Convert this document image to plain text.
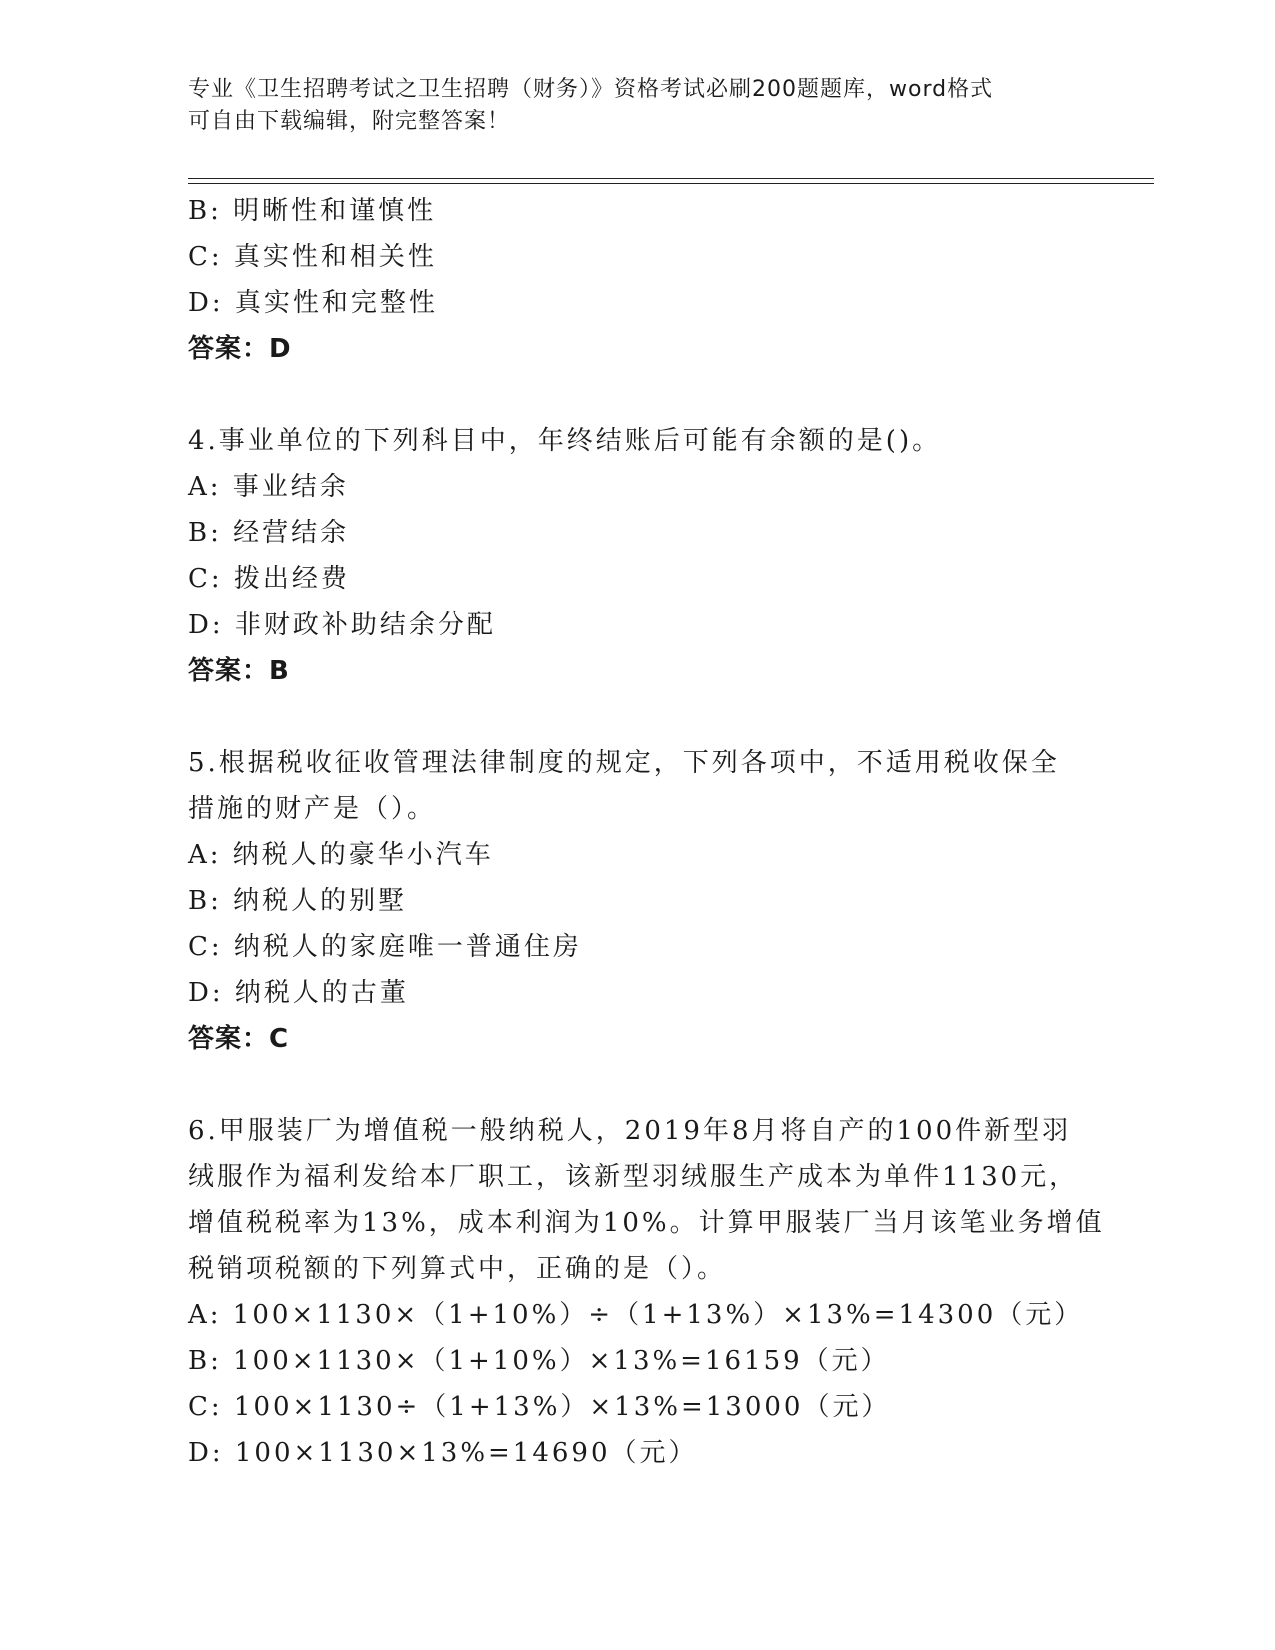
专业《卫生招聘考试之卫生招聘（财务）》资格考试必刷200题题库，word格式
可自由下载编辑，附完整答案！
B: 明晰性和谨慎性
C: 真实性和相关性
D: 真实性和完整性
答案：D
4.事业单位的下列科目中，年终结账后可能有余额的是()。
A: 事业结余
B: 经营结余
C: 拨出经费
D: 非财政补助结余分配
答案：B
5.根据税收征收管理法律制度的规定，下列各项中，不适用税收保全
措施的财产是（）。
A: 纳税人的豪华小汽车
B: 纳税人的别墅
C: 纳税人的家庭唯一普通住房
D: 纳税人的古董
答案：C
6.甲服装厂为增值税一般纳税人，2019年8月将自产的100件新型羽
绒服作为福利发给本厂职工，该新型羽绒服生产成本为单件1130元，
增值税税率为13%，成本利润为10%。计算甲服装厂当月该笔业务增值
税销项税额的下列算式中，正确的是（）。
A: 100×1130×（1+10%）÷（1+13%）×13%=14300（元）
B: 100×1130×（1+10%）×13%=16159（元）
C: 100×1130÷（1+13%）×13%=13000（元）
D: 100×1130×13%=14690（元）
